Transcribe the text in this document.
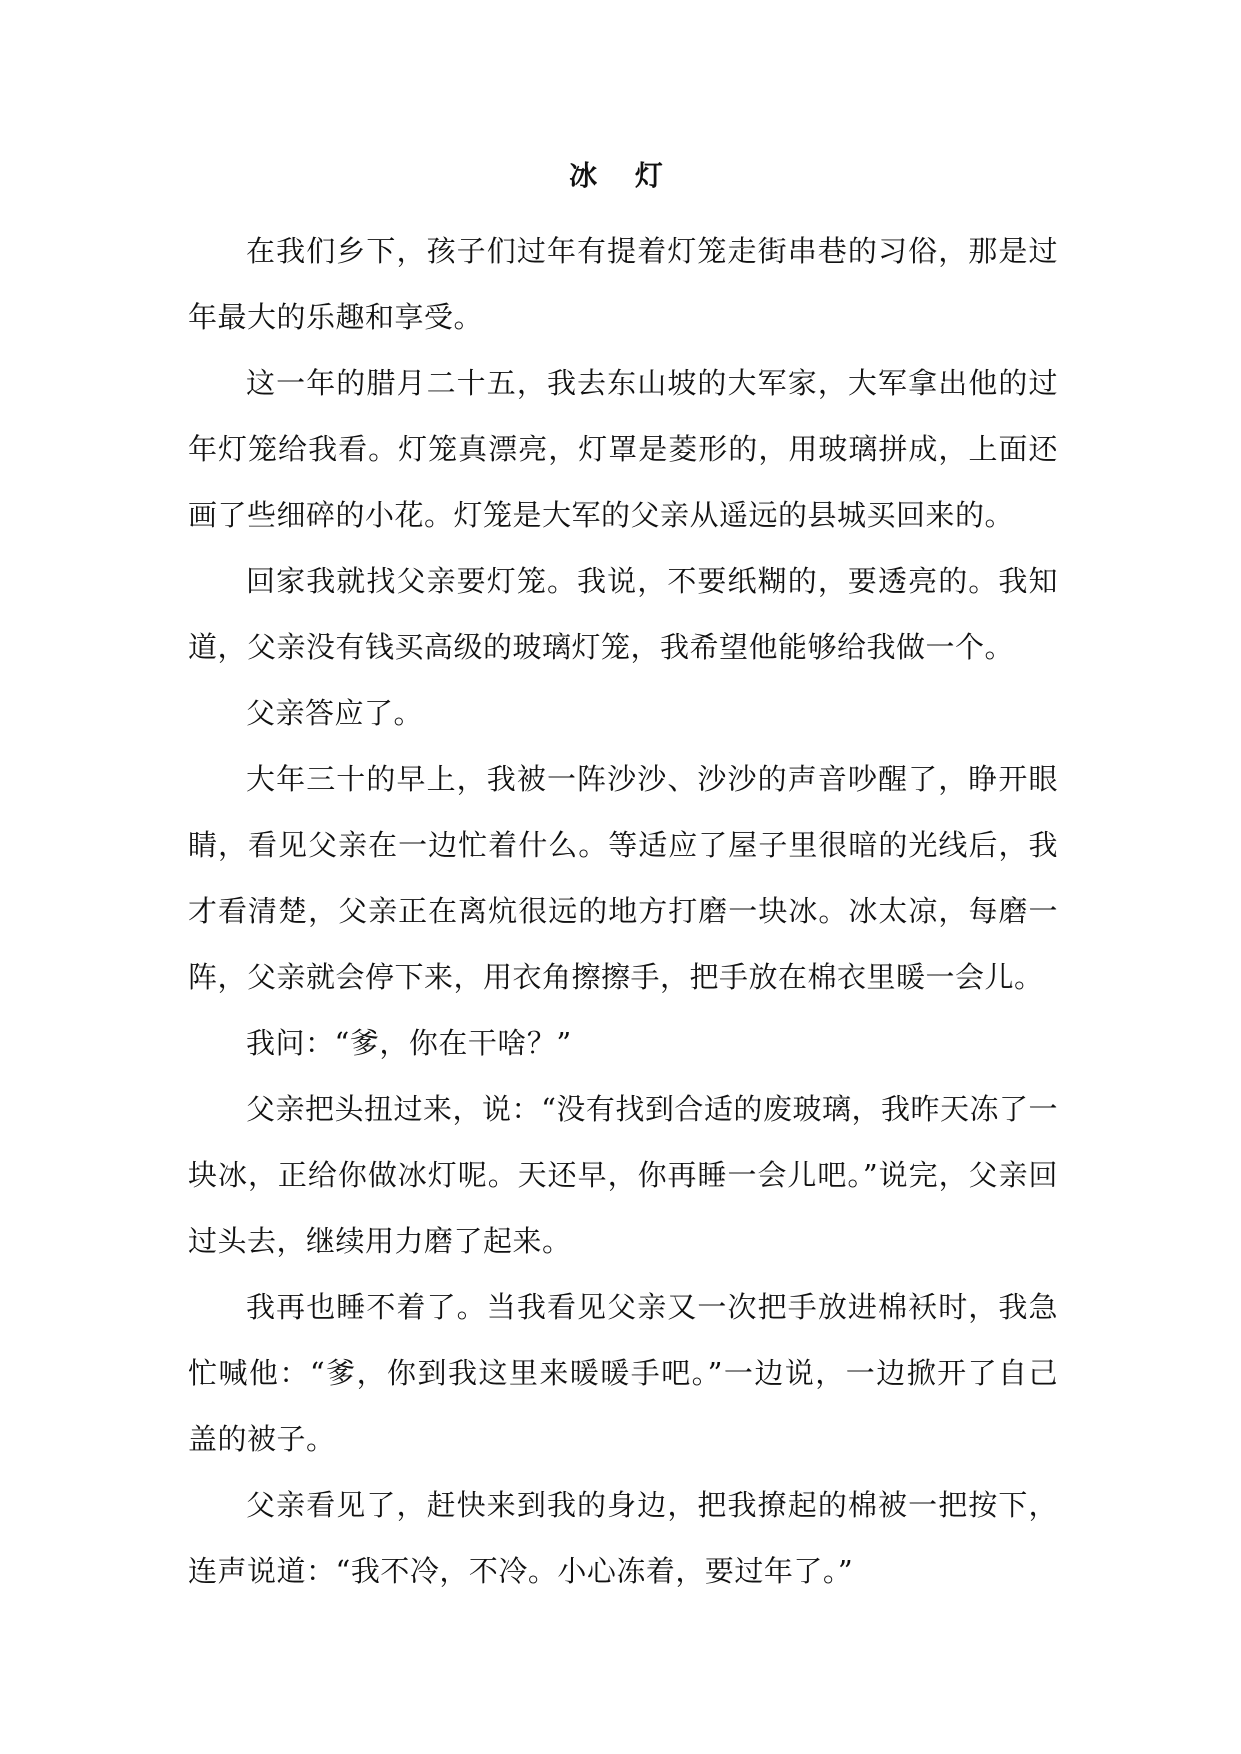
冰 灯

在我们乡下，孩子们过年有提着灯笼走街串巷的习俗，那是过年最大的乐趣和享受。

这一年的腊月二十五，我去东山坡的大军家，大军拿出他的过年灯笼给我看。灯笼真漂亮，灯罩是菱形的，用玻璃拼成，上面还画了些细碎的小花。灯笼是大军的父亲从遥远的县城买回来的。

回家我就找父亲要灯笼。我说，不要纸糊的，要透亮的。我知道，父亲没有钱买高级的玻璃灯笼，我希望他能够给我做一个。

父亲答应了。

大年三十的早上，我被一阵沙沙、沙沙的声音吵醒了，睁开眼睛，看见父亲在一边忙着什么。等适应了屋子里很暗的光线后，我才看清楚，父亲正在离炕很远的地方打磨一块冰。冰太凉，每磨一阵，父亲就会停下来，用衣角擦擦手，把手放在棉衣里暖一会儿。

我问：“爹，你在干啥？”

父亲把头扭过来，说：“没有找到合适的废玻璃，我昨天冻了一块冰，正给你做冰灯呢。天还早，你再睡一会儿吧。”说完，父亲回过头去，继续用力磨了起来。

我再也睡不着了。当我看见父亲又一次把手放进棉袄时，我急忙喊他：“爹，你到我这里来暖暖手吧。”一边说，一边掀开了自己盖的被子。

父亲看见了，赶快来到我的身边，把我撩起的棉被一把按下，连声说道：“我不冷，不冷。小心冻着，要过年了。”
